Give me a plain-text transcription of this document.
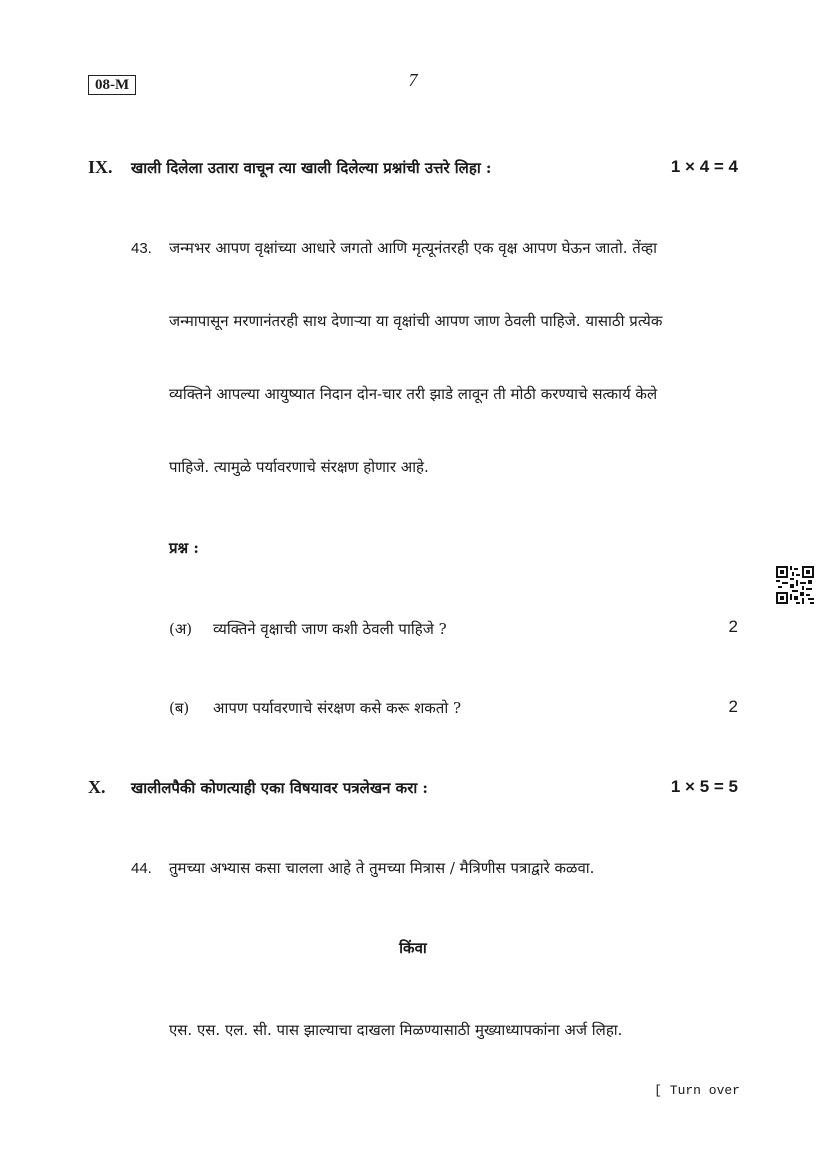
08-M	7
IX. खाली दिलेला उतारा वाचून त्या खाली दिलेल्या प्रश्नांची उत्तरे लिहा :	1 × 4 = 4
43. जन्मभर आपण वृक्षांच्या आधारे जगतो आणि मृत्यूनंतरही एक वृक्ष आपण घेऊन जातो. तेंव्हा
जन्मापासून मरणानंतरही साथ देणाऱ्या या वृक्षांची आपण जाण ठेवली पाहिजे. यासाठी प्रत्येक
व्यक्तिने आपल्या आयुष्यात निदान दोन-चार तरी झाडे लावून ती मोठी करण्याचे सत्कार्य केले
पाहिजे. त्यामुळे पर्यावरणाचे संरक्षण होणार आहे.
प्रश्न :
(अ) व्यक्तिने वृक्षाची जाण कशी ठेवली पाहिजे ?	2
(ब) आपण पर्यावरणाचे संरक्षण कसे करू शकतो ?	2
X. खालीलपैकी कोणत्याही एका विषयावर पत्रलेखन करा :	1 × 5 = 5
44. तुमच्या अभ्यास कसा चालला आहे ते तुमच्या मित्रास / मैत्रिणीस पत्राद्वारे कळवा.
किंवा
एस. एस. एल. सी. पास झाल्याचा दाखला मिळण्यासाठी मुख्याध्यापकांना अर्ज लिहा.
[ Turn over
